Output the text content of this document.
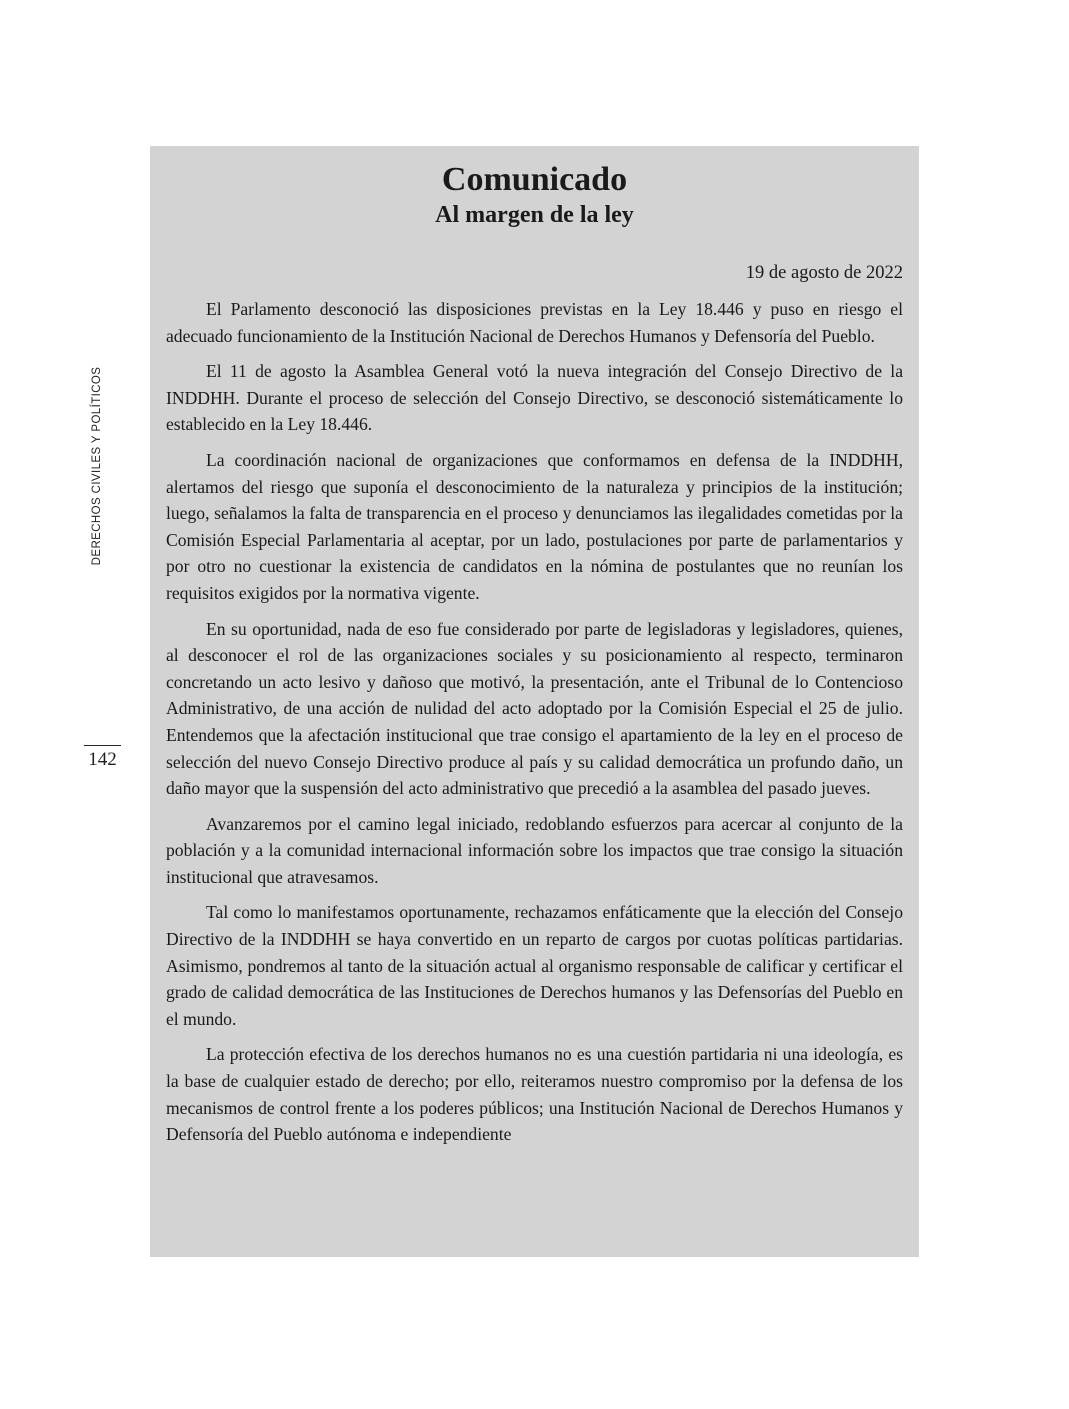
DERECHOS CIVILES Y POLÍTICOS
142
Comunicado
Al margen de la ley

19 de agosto de 2022

El Parlamento desconoció las disposiciones previstas en la Ley 18.446 y puso en riesgo el adecuado funcionamiento de la Institución Nacional de Derechos Humanos y Defensoría del Pueblo.

El 11 de agosto la Asamblea General votó la nueva integración del Consejo Directivo de la INDDHH. Durante el proceso de selección del Consejo Directivo, se desconoció sistemáticamente lo establecido en la Ley 18.446.

La coordinación nacional de organizaciones que conformamos en defensa de la INDDHH, alertamos del riesgo que suponía el desconocimiento de la naturaleza y principios de la institución; luego, señalamos la falta de transparencia en el proceso y denunciamos las ilegalidades cometidas por la Comisión Especial Parlamentaria al aceptar, por un lado, postulaciones por parte de parlamentarios y por otro no cuestionar la existencia de candidatos en la nómina de postulantes que no reunían los requisitos exigidos por la normativa vigente.

En su oportunidad, nada de eso fue considerado por parte de legisladoras y legisladores, quienes, al desconocer el rol de las organizaciones sociales y su posicionamiento al respecto, terminaron concretando un acto lesivo y dañoso que motivó, la presentación, ante el Tribunal de lo Contencioso Administrativo, de una acción de nulidad del acto adoptado por la Comisión Especial el 25 de julio. Entendemos que la afectación institucional que trae consigo el apartamiento de la ley en el proceso de selección del nuevo Consejo Directivo produce al país y su calidad democrática un profundo daño, un daño mayor que la suspensión del acto administrativo que precedió a la asamblea del pasado jueves.

Avanzaremos por el camino legal iniciado, redoblando esfuerzos para acercar al conjunto de la población y a la comunidad internacional información sobre los impactos que trae consigo la situación institucional que atravesamos.

Tal como lo manifestamos oportunamente, rechazamos enfáticamente que la elección del Consejo Directivo de la INDDHH se haya convertido en un reparto de cargos por cuotas políticas partidarias. Asimismo, pondremos al tanto de la situación actual al organismo responsable de calificar y certificar el grado de calidad democrática de las Instituciones de Derechos humanos y las Defensorías del Pueblo en el mundo.

La protección efectiva de los derechos humanos no es una cuestión partidaria ni una ideología, es la base de cualquier estado de derecho; por ello, reiteramos nuestro compromiso por la defensa de los mecanismos de control frente a los poderes públicos; una Institución Nacional de Derechos Humanos y Defensoría del Pueblo autónoma e independiente
